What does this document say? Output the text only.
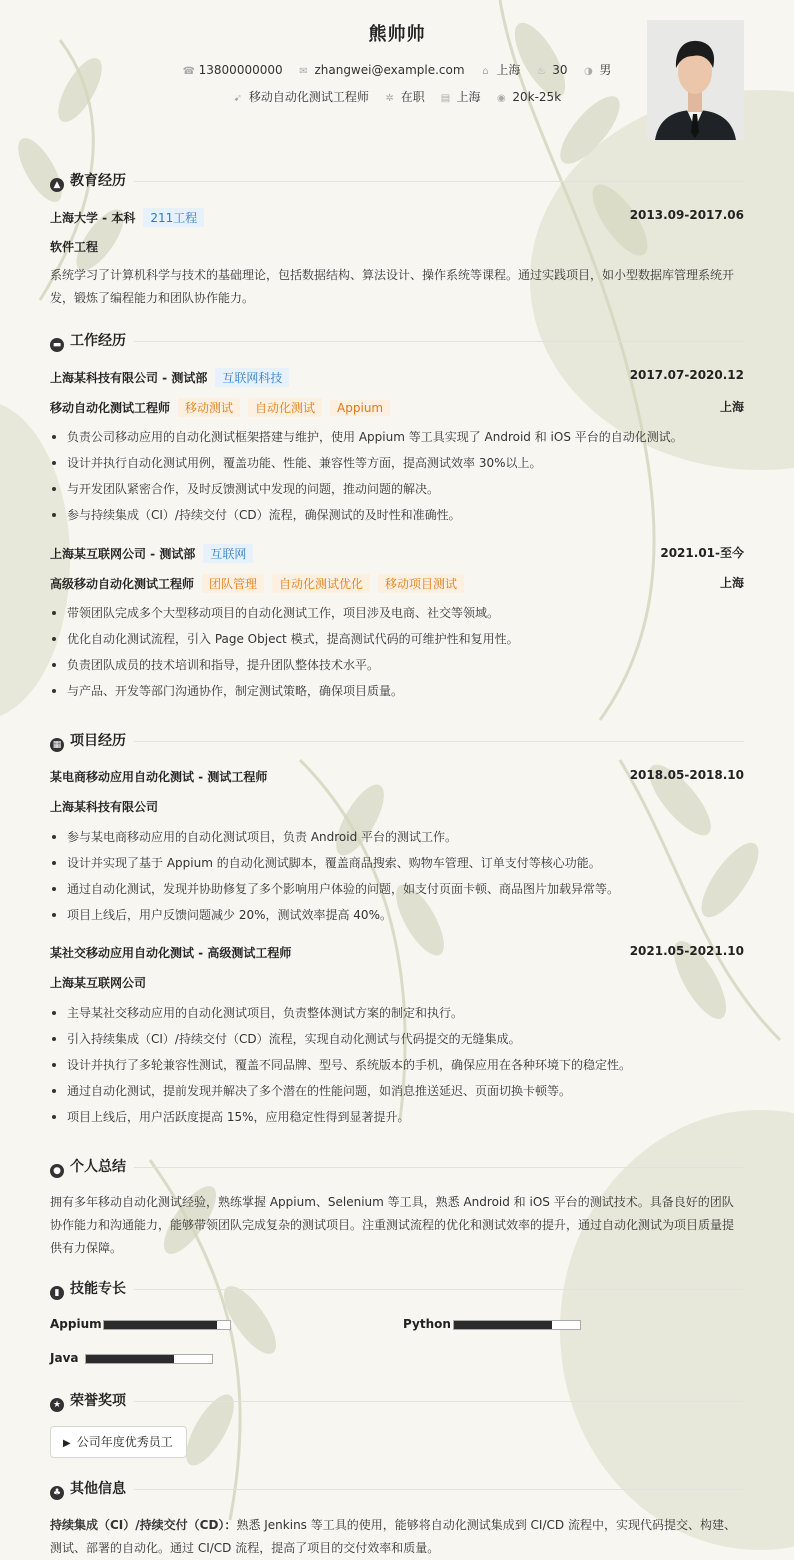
熊帅帅
☎ 13800000000 ✉ zhangwei@example.com ⌂ 上海 ♨ 30 ◑ 男
➹ 移动自动化测试工程师 ✲ 在职 ▤ 上海 ◉ 20k-25k
▲ 教育经历
上海大学 - 本科 211工程	2013.09-2017.06
软件工程
系统学习了计算机科学与技术的基础理论，包括数据结构、算法设计、操作系统等课程。通过实践项目，如小型数据库管理系统开发，锻炼了编程能力和团队协作能力。
▬ 工作经历
上海某科技有限公司 - 测试部 互联网科技	2017.07-2020.12
移动自动化测试工程师 移动测试 自动化测试 Appium	上海
负责公司移动应用的自动化测试框架搭建与维护，使用 Appium 等工具实现了 Android 和 iOS 平台的自动化测试。
设计并执行自动化测试用例，覆盖功能、性能、兼容性等方面，提高测试效率 30%以上。
与开发团队紧密合作，及时反馈测试中发现的问题，推动问题的解决。
参与持续集成（CI）/持续交付（CD）流程，确保测试的及时性和准确性。
上海某互联网公司 - 测试部 互联网	2021.01-至今
高级移动自动化测试工程师 团队管理 自动化测试优化 移动项目测试	上海
带领团队完成多个大型移动项目的自动化测试工作，项目涉及电商、社交等领域。
优化自动化测试流程，引入 Page Object 模式，提高测试代码的可维护性和复用性。
负责团队成员的技术培训和指导，提升团队整体技术水平。
与产品、开发等部门沟通协作，制定测试策略，确保项目质量。
▦ 项目经历
某电商移动应用自动化测试 - 测试工程师	2018.05-2018.10
上海某科技有限公司
参与某电商移动应用的自动化测试项目，负责 Android 平台的测试工作。
设计并实现了基于 Appium 的自动化测试脚本，覆盖商品搜索、购物车管理、订单支付等核心功能。
通过自动化测试，发现并协助修复了多个影响用户体验的问题，如支付页面卡顿、商品图片加载异常等。
项目上线后，用户反馈问题减少 20%，测试效率提高 40%。
某社交移动应用自动化测试 - 高级测试工程师	2021.05-2021.10
上海某互联网公司
主导某社交移动应用的自动化测试项目，负责整体测试方案的制定和执行。
引入持续集成（CI）/持续交付（CD）流程，实现自动化测试与代码提交的无缝集成。
设计并执行了多轮兼容性测试，覆盖不同品牌、型号、系统版本的手机，确保应用在各种环境下的稳定性。
通过自动化测试，提前发现并解决了多个潜在的性能问题，如消息推送延迟、页面切换卡顿等。
项目上线后，用户活跃度提高 15%，应用稳定性得到显著提升。
● 个人总结
拥有多年移动自动化测试经验，熟练掌握 Appium、Selenium 等工具，熟悉 Android 和 iOS 平台的测试技术。具备良好的团队协作能力和沟通能力，能够带领团队完成复杂的测试项目。注重测试流程的优化和测试效率的提升，通过自动化测试为项目质量提供有力保障。
▮ 技能专长
Appium	Python
Java
★ 荣誉奖项
▶ 公司年度优秀员工
♣ 其他信息
持续集成（CI）/持续交付（CD）：熟悉 Jenkins 等工具的使用，能够将自动化测试集成到 CI/CD 流程中，实现代码提交、构建、测试、部署的自动化。通过 CI/CD 流程，提高了项目的交付效率和质量。
